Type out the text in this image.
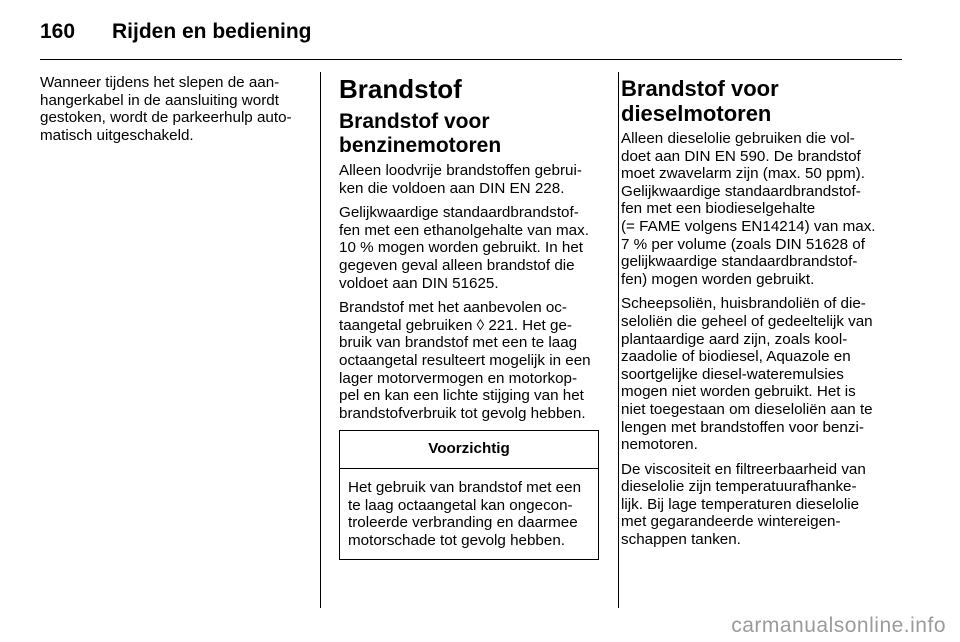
160	Rijden en bediening

Wanneer tijdens het slepen de aan-
hangerkabel in de aansluiting wordt
gestoken, wordt de parkeerhulp auto-
matisch uitgeschakeld.

Brandstof
Brandstof voor
benzinemotoren

Alleen loodvrije brandstoffen gebrui-
ken die voldoen aan DIN EN 228.

Gelijkwaardige standaardbrandstof-
fen met een ethanolgehalte van max.
10 % mogen worden gebruikt. In het
gegeven geval alleen brandstof die
voldoet aan DIN 51625.

Brandstof met het aanbevolen oc-
taangetal gebruiken ◊ 221. Het ge-
bruik van brandstof met een te laag
octaangetal resulteert mogelijk in een
lager motorvermogen en motorkop-
pel en kan een lichte stijging van het
brandstofverbruik tot gevolg hebben.

Voorzichtig
Het gebruik van brandstof met een
te laag octaangetal kan ongecon-
troleerde verbranding en daarmee
motorschade tot gevolg hebben.
Brandstof voor
dieselmotoren

Alleen dieselolie gebruiken die vol-
doet aan DIN EN 590. De brandstof
moet zwavelarm zijn (max. 50 ppm).
Gelijkwaardige standaardbrandstof-
fen met een biodieselgehalte
(= FAME volgens EN14214) van max.
7 % per volume (zoals DIN 51628 of
gelijkwaardige standaardbrandstof-
fen) mogen worden gebruikt.

Scheepsoliën, huisbrandoliën of die-
seloliën die geheel of gedeeltelijk van
plantaardige aard zijn, zoals kool-
zaadolie of biodiesel, Aquazole en
soortgelijke diesel-wateremulsies
mogen niet worden gebruikt. Het is
niet toegestaan om dieseloliën aan te
lengen met brandstoffen voor benzi-
nemotoren.

De viscositeit en filtreerbaarheid van
dieselolie zijn temperatuurafhanke-
lijk. Bij lage temperaturen dieselolie
met gegarandeerde wintereigen-
schappen tanken.

carmanualsonline.info
